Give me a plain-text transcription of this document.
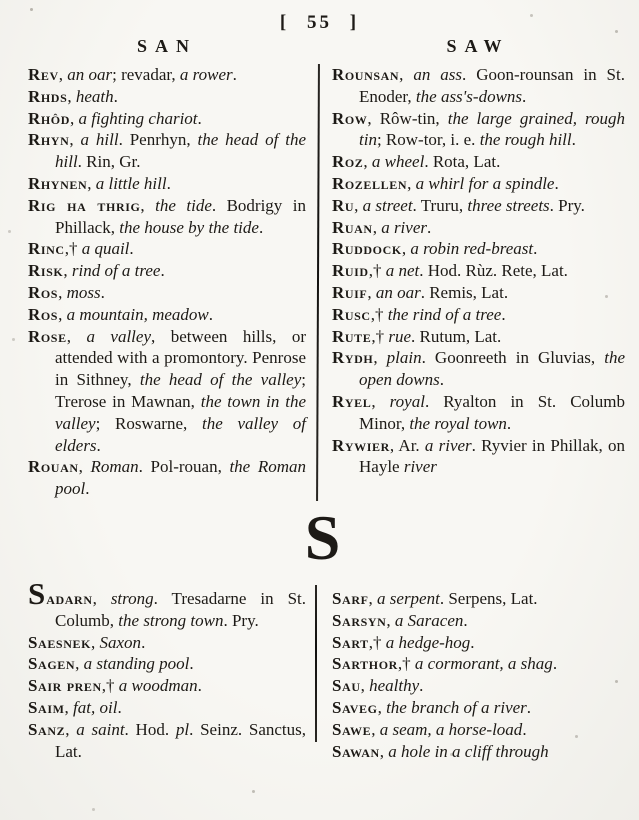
[ 55 ]
SAN	SAW

Rev, an oar; revadar, a rower.

Rhds, heath.

Rhôd, a fighting chariot.

Rhyn, a hill. Penrhyn, the head of the hill. Rin, Gr.

Rhynen, a little hill.

Rig ha thrig, the tide. Bodrigy in Phillack, the house by the tide.

Rinc,† a quail.

Risk, rind of a tree.

Ros, moss.

Ros, a mountain, meadow.

Rose, a valley, between hills, or attended with a promontory. Penrose in Sithney, the head of the valley; Trerose in Mawnan, the town in the valley; Roswarne, the valley of elders.

Rouan, Roman. Pol-rouan, the Roman pool.

Rounsan, an ass. Goon-rounsan in St. Enoder, the ass's-downs.

Row, Rôw-tin, the large grained, rough tin; Row-tor, i. e. the rough hill.

Roz, a wheel. Rota, Lat.

Rozellen, a whirl for a spindle.

Ru, a street. Truru, three streets. Pry.

Ruan, a river.

Ruddock, a robin red-breast.

Ruid,† a net. Hod. Rùz. Rete, Lat.

Ruif, an oar. Remis, Lat.

Rusc,† the rind of a tree.

Rute,† rue. Rutum, Lat.

Rydh, plain. Goonreeth in Gluvias, the open downs.

Ryel, royal. Ryalton in St. Columb Minor, the royal town.

Rywier, Ar. a river. Ryvier in Phillak, on Hayle river

S

Sadarn, strong. Tresadarne in St. Columb, the strong town. Pry.

Saesnek, Saxon.

Sagen, a standing pool.

Sair pren,† a woodman.

Saim, fat, oil.

Sanz, a saint. Hod. pl. Seinz. Sanctus, Lat.

Sarf, a serpent. Serpens, Lat.

Sarsyn, a Saracen.

Sart,† a hedge-hog.

Sarthor,† a cormorant, a shag.

Sau, healthy.

Saveg, the branch of a river.

Sawe, a seam, a horse-load.

Sawan, a hole in a cliff through
